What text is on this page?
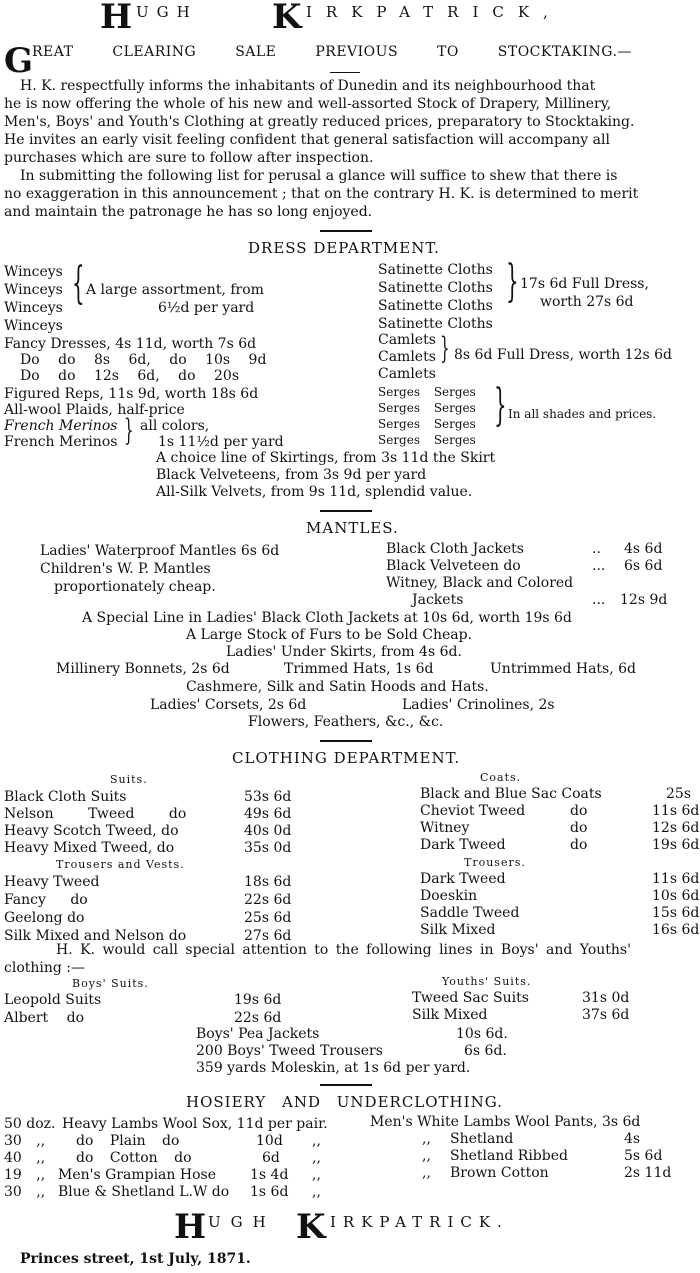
H UGH K IRKPATRICK,
G
REAT CLEARING SALE PREVIOUS TO STOCKTAKING.—
H. K. respectfully informs the inhabitants of Dunedin and its neighbourhood that
he is now offering the whole of his new and well-assorted Stock of Drapery, Millinery,
Men's, Boys' and Youth's Clothing at greatly reduced prices, preparatory to Stocktaking.
He invites an early visit feeling confident that general satisfaction will accompany all
purchases which are sure to follow after inspection.
In submitting the following list for perusal a glance will suffice to shew that there is
no exaggeration in this announcement ; that on the contrary H. K. is determined to merit
and maintain the patronage he has so long enjoyed.
DRESS DEPARTMENT.
Winceys
Winceys
Winceys
Winceys
{ A large assortment, from
6½d per yard
Satinette Cloths
Satinette Cloths
Satinette Cloths
Satinette Cloths
} 17s 6d Full Dress,
worth 27s 6d
Fancy Dresses, 4s 11d, worth 7s 6d
Do do 8s 6d, do 10s 9d
Do do 12s 6d, do 20s
Camlets
Camlets
Camlets
} 8s 6d Full Dress, worth 12s 6d
Figured Reps, 11s 9d, worth 18s 6d
All-wool Plaids, half-price
French Merinos
French Merinos } all colors,
1s 11½d per yard
Serges Serges
Serges Serges
Serges Serges
Serges Serges
} In all shades and prices.
A choice line of Skirtings, from 3s 11d the Skirt
Black Velveteens, from 3s 9d per yard
All-Silk Velvets, from 9s 11d, splendid value.
MANTLES.
Ladies' Waterproof Mantles 6s 6d
Children's W. P. Mantles
proportionately cheap.
Black Cloth Jackets	.. 4s 6d
Black Velveteen do	... 6s 6d
Witney, Black and Colored
Jackets	... 12s 9d
A Special Line in Ladies' Black Cloth Jackets at 10s 6d, worth 19s 6d
A Large Stock of Furs to be Sold Cheap.
Ladies' Under Skirts, from 4s 6d.
Millinery Bonnets, 2s 6d	Trimmed Hats, 1s 6d	Untrimmed Hats, 6d
Cashmere, Silk and Satin Hoods and Hats.
Ladies' Corsets, 2s 6d	Ladies' Crinolines, 2s
Flowers, Feathers, &c., &c.
CLOTHING DEPARTMENT.
Suits.
Black Cloth Suits	53s 6d
Nelson Tweed do	49s 6d
Heavy Scotch Tweed, do	40s 0d
Heavy Mixed Tweed, do	35s 0d
Coats.
Black and Blue Sac Coats	25s
Cheviot Tweed	do	11s 6d
Witney	do	12s 6d
Dark Tweed	do	19s 6d
Trousers and Vests.
Heavy Tweed	18s 6d
Fancy do	22s 6d
Geelong do	25s 6d
Silk Mixed and Nelson do	27s 6d
Trousers.
Dark Tweed	11s 6d
Doeskin	10s 6d
Saddle Tweed	15s 6d
Silk Mixed	16s 6d
H. K. would call special attention to the following lines in Boys' and Youths'
clothing :—
Boys' Suits.
Leopold Suits	19s 6d
Albert do	22s 6d
Youths' Suits.
Tweed Sac Suits	31s 0d
Silk Mixed	37s 6d
Boys' Pea Jackets	10s 6d.
200 Boys' Tweed Trousers	6s 6d.
359 yards Moleskin, at 1s 6d per yard.
HOSIERY AND UNDERCLOTHING.
50 doz. Heavy Lambs Wool Sox, 11d per pair.
30 ,, do Plain do	10d ,,
40 ,, do Cotton do	6d ,,
19 ,, Men's Grampian Hose 1s 4d ,,
30 ,, Blue & Shetland L.W do 1s 6d ,,
Men's White Lambs Wool Pants, 3s 6d
,, Shetland	4s
,, Shetland Ribbed	5s 6d
,, Brown Cotton	2s 11d
H UGH K IRKPATRICK.
Princes street, 1st July, 1871.
